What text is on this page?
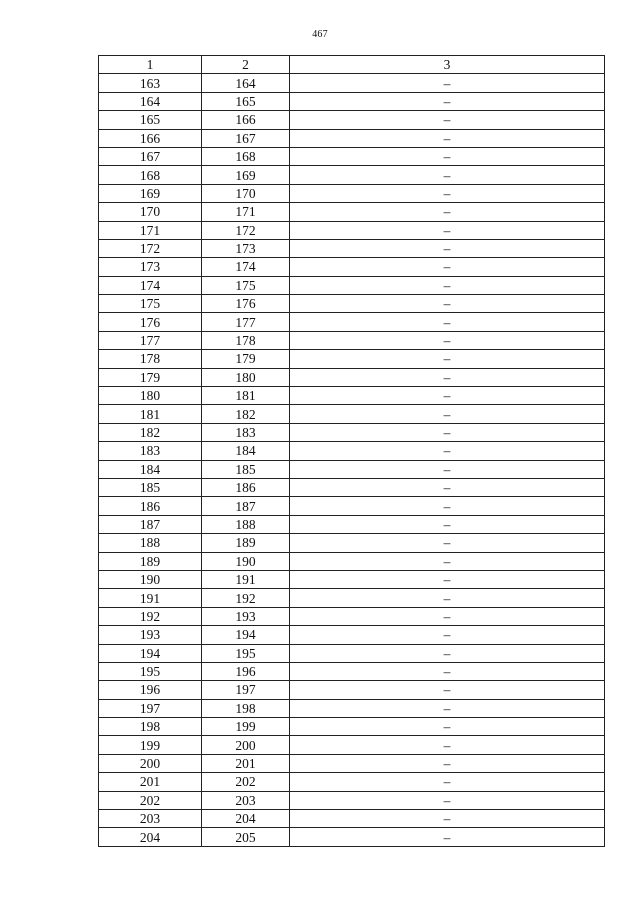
467
1	2	3
163	164	–
164	165	–
165	166	–
166	167	–
167	168	–
168	169	–
169	170	–
170	171	–
171	172	–
172	173	–
173	174	–
174	175	–
175	176	–
176	177	–
177	178	–
178	179	–
179	180	–
180	181	–
181	182	–
182	183	–
183	184	–
184	185	–
185	186	–
186	187	–
187	188	–
188	189	–
189	190	–
190	191	–
191	192	–
192	193	–
193	194	–
194	195	–
195	196	–
196	197	–
197	198	–
198	199	–
199	200	–
200	201	–
201	202	–
202	203	–
203	204	–
204	205	–
